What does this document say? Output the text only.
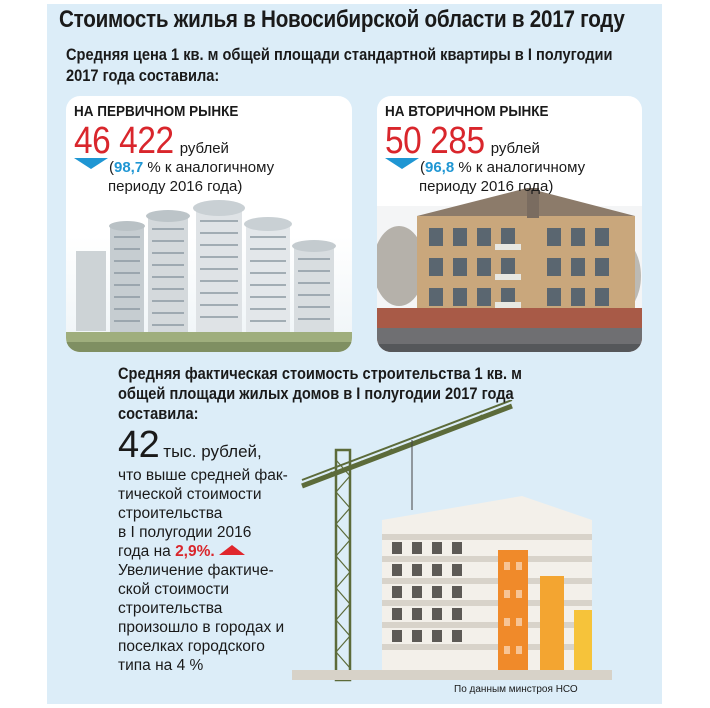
Стоимость жилья в Новосибирской области в 2017 году
Средняя цена 1 кв. м общей площади стандартной квартиры в I полугодии
2017 года составила:
НА ПЕРВИЧНОМ РЫНКЕ
46 422 рублей
(98,7 % к аналогичному
периоду 2016 года)
НА ВТОРИЧНОМ РЫНКЕ
50 285 рублей
(96,8 % к аналогичному
периоду 2016 года)
Средняя фактическая стоимость строительства 1 кв. м
общей площади жилых домов в I полугодии 2017 года
составила:
42 тыс. рублей,
что выше средней фак-
тической стоимости
строительства
в I полугодии 2016
года на 2,9%.
Увеличение фактиче-
ской стоимости
строительства
произошло в городах и
поселках городского
типа на 4 %
По данным минстроя НСО
